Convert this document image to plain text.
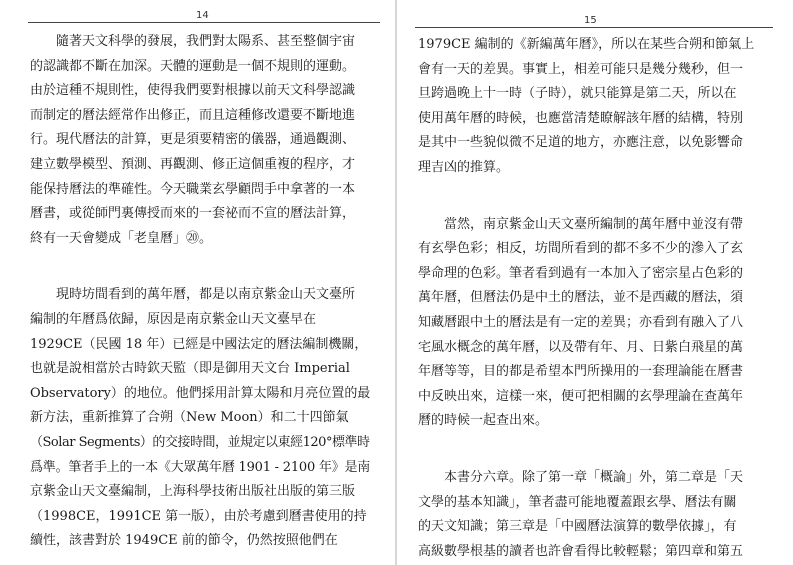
14
隨著天文科學的發展，我們對太陽系、甚至整個宇宙
的認識都不斷在加深。天體的運動是一個不規則的運動。
由於這種不規則性，使得我們要對根據以前天文科學認識
而制定的曆法經常作出修正，而且這種修改還要不斷地進
行。現代曆法的計算，更是須要精密的儀器，通過觀測、
建立數學模型、預測、再觀測、修正這個重複的程序，才
能保持曆法的準確性。今天職業玄學顧問手中拿著的一本
曆書，或從師門裏傳授而來的一套祕而不宣的曆法計算，
終有一天會變成「老皇曆」⑳。
現時坊間看到的萬年曆，都是以南京紫金山天文臺所
編制的年曆爲依歸，原因是南京紫金山天文臺早在
1929CE（民國 18 年）已經是中國法定的曆法編制機關，
也就是說相當於古時欽天監（即是御用天文台 Imperial
Observatory）的地位。他們採用計算太陽和月亮位置的最
新方法，重新推算了合朔（New Moon）和二十四節氣
（Solar Segments）的交接時間，並規定以東經120°標準時
爲準。筆者手上的一本《大眾萬年曆 1901 - 2100 年》是南
京紫金山天文臺編制，上海科學技術出版社出版的第三版
（1998CE，1991CE 第一版），由於考慮到曆書使用的持
續性，該書對於 1949CE 前的節令，仍然按照他們在
15
1979CE 編制的《新編萬年曆》，所以在某些合朔和節氣上
會有一天的差異。事實上，相差可能只是幾分幾秒，但一
旦跨過晚上十一時（子時），就只能算是第二天，所以在
使用萬年曆的時候，也應當清楚瞭解該年曆的結構，特別
是其中一些貌似微不足道的地方，亦應注意，以免影響命
理吉凶的推算。
當然，南京紫金山天文臺所編制的萬年曆中並沒有帶
有玄學色彩；相反，坊間所看到的都不多不少的滲入了玄
學命理的色彩。筆者看到過有一本加入了密宗星占色彩的
萬年曆，但曆法仍是中土的曆法，並不是西藏的曆法，須
知藏曆跟中土的曆法是有一定的差異；亦看到有融入了八
宅風水概念的萬年曆，以及帶有年、月、日紫白飛星的萬
年曆等等，目的都是希望本門所操用的一套理論能在曆書
中反映出來，這樣一來，便可把相關的玄學理論在查萬年
曆的時候一起查出來。
本書分六章。除了第一章「概論」外，第二章是「天
文學的基本知識」，筆者盡可能地覆蓋跟玄學、曆法有關
的天文知識；第三章是「中國曆法演算的數學依據」，有
高級數學根基的讀者也許會看得比較輕鬆；第四章和第五
